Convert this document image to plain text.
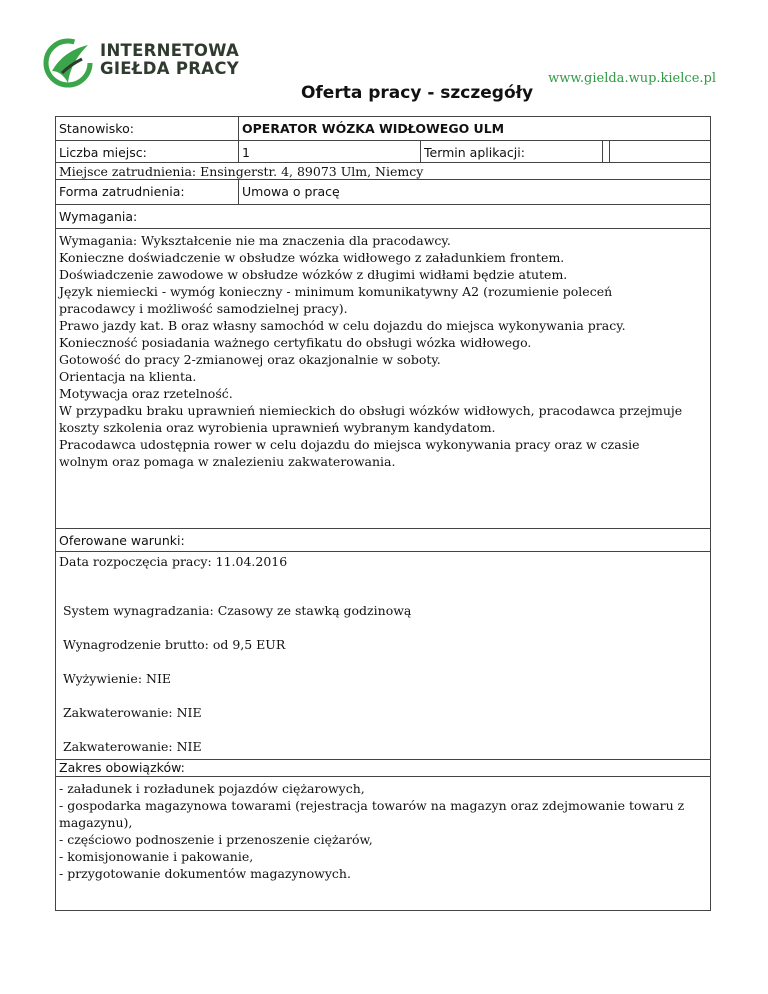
INTERNETOWA
GIEŁDA PRACY
www.gielda.wup.kielce.pl
Oferta pracy - szczegóły
Stanowisko:	OPERATOR WÓZKA WIDŁOWEGO ULM
Liczba miejsc:	1	Termin aplikacji:
Miejsce zatrudnienia: Ensingerstr. 4, 89073 Ulm, Niemcy
Forma zatrudnienia:	Umowa o pracę
Wymagania:
Wymagania: Wykształcenie nie ma znaczenia dla pracodawcy.
Konieczne doświadczenie w obsłudze wózka widłowego z załadunkiem frontem.
Doświadczenie zawodowe w obsłudze wózków z długimi widłami będzie atutem.
Język niemiecki - wymóg konieczny - minimum komunikatywny A2 (rozumienie poleceń
pracodawcy i możliwość samodzielnej pracy).
Prawo jazdy kat. B oraz własny samochód w celu dojazdu do miejsca wykonywania pracy.
Konieczność posiadania ważnego certyfikatu do obsługi wózka widłowego.
Gotowość do pracy 2-zmianowej oraz okazjonalnie w soboty.
Orientacja na klienta.
Motywacja oraz rzetelność.
W przypadku braku uprawnień niemieckich do obsługi wózków widłowych, pracodawca przejmuje
koszty szkolenia oraz wyrobienia uprawnień wybranym kandydatom.
Pracodawca udostępnia rower w celu dojazdu do miejsca wykonywania pracy oraz w czasie
wolnym oraz pomaga w znalezieniu zakwaterowania.
Oferowane warunki:
Data rozpoczęcia pracy: 11.04.2016
System wynagradzania: Czasowy ze stawką godzinową
Wynagrodzenie brutto: od 9,5 EUR
Wyżywienie: NIE
Zakwaterowanie: NIE
Zakwaterowanie: NIE
Zakres obowiązków:
- załadunek i rozładunek pojazdów ciężarowych,
- gospodarka magazynowa towarami (rejestracja towarów na magazyn oraz zdejmowanie towaru z
magazynu),
- częściowo podnoszenie i przenoszenie ciężarów,
- komisjonowanie i pakowanie,
- przygotowanie dokumentów magazynowych.
